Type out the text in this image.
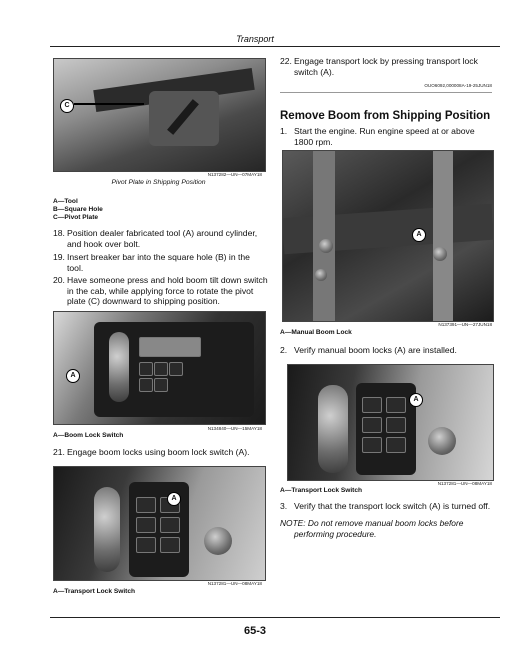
Transport
C
N137282—UN—07MAY18
Pivot Plate in Shipping Position
A—Tool
B—Square Hole
C—Pivot Plate
18. Position dealer fabricated tool (A) around cylinder, and hook over bolt.
19. Insert breaker bar into the square hole (B) in the tool.
20. Have someone press and hold boom tilt down switch in the cab, while applying force to rotate the pivot plate (C) downward to shipping position.
A
N134840—UN—15MAY18
A—Boom Lock Switch
21. Engage boom locks using boom lock switch (A).
A
N137281—UN—08MAY18
A—Transport Lock Switch
22. Engage transport lock by pressing transport lock switch (A).
OUO6092,000008A-19-25JUN18
Remove Boom from Shipping Position
1. Start the engine. Run engine speed at or above 1800 rpm.
A
N137391—UN—27JUN18
A—Manual Boom Lock
2. Verify manual boom locks (A) are installed.
A
N137281—UN—08MAY18
A—Transport Lock Switch
3. Verify that the transport lock switch (A) is turned off.
NOTE: Do not remove manual boom locks before performing procedure.
65-3
